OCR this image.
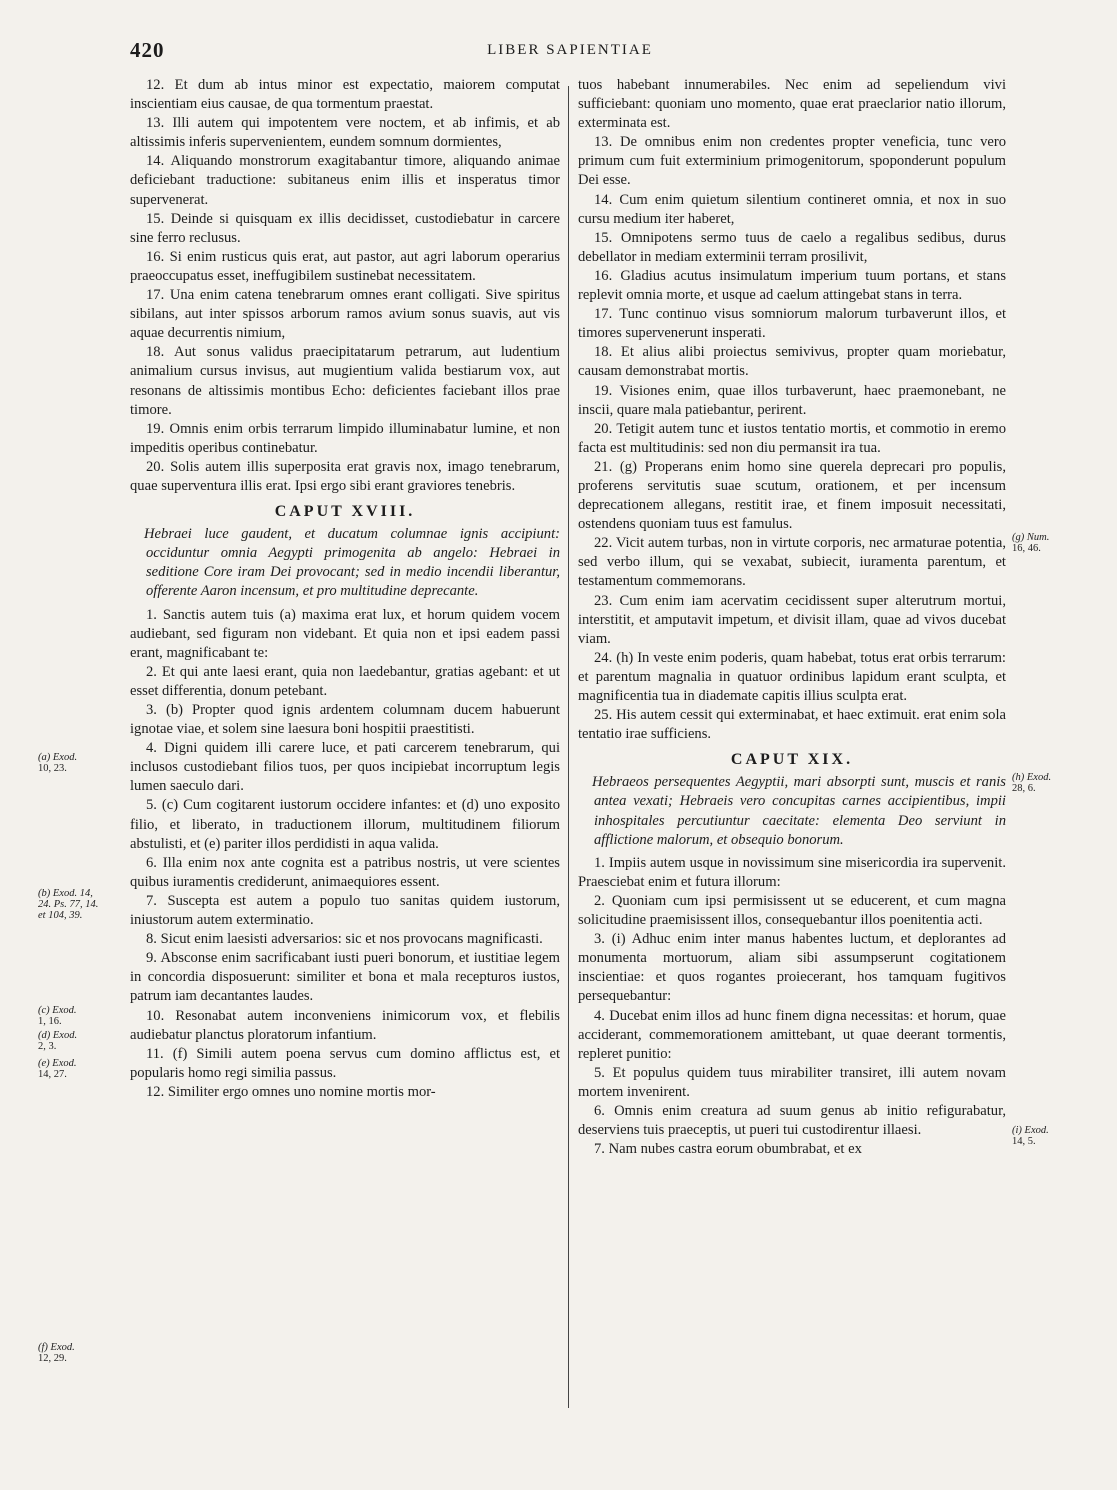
420	LIBER SAPIENTIAE

12. Et dum ab intus minor est expectatio, maiorem computat inscientiam eius causae, de qua tormentum praestat.

13. Illi autem qui impotentem vere noctem, et ab infimis, et ab altissimis inferis supervenientem, eundem somnum dormientes,

14. Aliquando monstrorum exagitabantur timore, aliquando animae deficiebant traductione: subitaneus enim illis et insperatus timor supervenerat.

15. Deinde si quisquam ex illis decidisset, custodiebatur in carcere sine ferro reclusus.

16. Si enim rusticus quis erat, aut pastor, aut agri laborum operarius praeoccupatus esset, ineffugibilem sustinebat necessitatem.

17. Una enim catena tenebrarum omnes erant colligati. Sive spiritus sibilans, aut inter spissos arborum ramos avium sonus suavis, aut vis aquae decurrentis nimium,

18. Aut sonus validus praecipitatarum petrarum, aut ludentium animalium cursus invisus, aut mugientium valida bestiarum vox, aut resonans de altissimis montibus Echo: deficientes faciebant illos prae timore.

19. Omnis enim orbis terrarum limpido illuminabatur lumine, et non impeditis operibus continebatur.

20. Solis autem illis superposita erat gravis nox, imago tenebrarum, quae superventura illis erat. Ipsi ergo sibi erant graviores tenebris.

CAPUT XVIII.

Hebraei luce gaudent, et ducatum columnae ignis accipiunt: occiduntur omnia Aegypti primogenita ab angelo: Hebraei in seditione Core iram Dei provocant; sed in medio incendii liberantur, offerente Aaron incensum, et pro multitudine deprecante.

1. Sanctis autem tuis (a) maxima erat lux, et horum quidem vocem audiebant, sed figuram non videbant. Et quia non et ipsi eadem passi erant, magnificabant te:

2. Et qui ante laesi erant, quia non laedebantur, gratias agebant: et ut esset differentia, donum petebant.

3. (b) Propter quod ignis ardentem columnam ducem habuerunt ignotae viae, et solem sine laesura boni hospitii praestitisti.

4. Digni quidem illi carere luce, et pati carcerem tenebrarum, qui inclusos custodiebant filios tuos, per quos incipiebat incorruptum legis lumen saeculo dari.

5. (c) Cum cogitarent iustorum occidere infantes: et (d) uno exposito filio, et liberato, in traductionem illorum, multitudinem filiorum abstulisti, et (e) pariter illos perdidisti in aqua valida.

6. Illa enim nox ante cognita est a patribus nostris, ut vere scientes quibus iuramentis crediderunt, animaequiores essent.

7. Suscepta est autem a populo tuo sanitas quidem iustorum, iniustorum autem exterminatio.

8. Sicut enim laesisti adversarios: sic et nos provocans magnificasti.

9. Absconse enim sacrificabant iusti pueri bonorum, et iustitiae legem in concordia disposuerunt: similiter et bona et mala recepturos iustos, patrum iam decantantes laudes.

10. Resonabat autem inconveniens inimicorum vox, et flebilis audiebatur planctus ploratorum infantium.

11. (f) Simili autem poena servus cum domino afflictus est, et popularis homo regi similia passus.

12. Similiter ergo omnes uno nomine mortis mor-

tuos habebant innumerabiles. Nec enim ad sepeliendum vivi sufficiebant: quoniam uno momento, quae erat praeclarior natio illorum, exterminata est.

13. De omnibus enim non credentes propter veneficia, tunc vero primum cum fuit exterminium primogenitorum, spoponderunt populum Dei esse.

14. Cum enim quietum silentium contineret omnia, et nox in suo cursu medium iter haberet,

15. Omnipotens sermo tuus de caelo a regalibus sedibus, durus debellator in mediam exterminii terram prosilivit,

16. Gladius acutus insimulatum imperium tuum portans, et stans replevit omnia morte, et usque ad caelum attingebat stans in terra.

17. Tunc continuo visus somniorum malorum turbaverunt illos, et timores supervenerunt insperati.

18. Et alius alibi proiectus semivivus, propter quam moriebatur, causam demonstrabat mortis.

19. Visiones enim, quae illos turbaverunt, haec praemonebant, ne inscii, quare mala patiebantur, perirent.

20. Tetigit autem tunc et iustos tentatio mortis, et commotio in eremo facta est multitudinis: sed non diu permansit ira tua.

21. (g) Properans enim homo sine querela deprecari pro populis, proferens servitutis suae scutum, orationem, et per incensum deprecationem allegans, restitit irae, et finem imposuit necessitati, ostendens quoniam tuus est famulus.

22. Vicit autem turbas, non in virtute corporis, nec armaturae potentia, sed verbo illum, qui se vexabat, subiecit, iuramenta parentum, et testamentum commemorans.

23. Cum enim iam acervatim cecidissent super alterutrum mortui, interstitit, et amputavit impetum, et divisit illam, quae ad vivos ducebat viam.

24. (h) In veste enim poderis, quam habebat, totus erat orbis terrarum: et parentum magnalia in quatuor ordinibus lapidum erant sculpta, et magnificentia tua in diademate capitis illius sculpta erat.

25. His autem cessit qui exterminabat, et haec extimuit. erat enim sola tentatio irae sufficiens.

CAPUT XIX.

Hebraeos persequentes Aegyptii, mari absorpti sunt, muscis et ranis antea vexati; Hebraeis vero concupitas carnes accipientibus, impii inhospitales percutiuntur caecitate: elementa Deo serviunt in afflictione malorum, et obsequio bonorum.

1. Impiis autem usque in novissimum sine misericordia ira supervenit. Praesciebat enim et futura illorum:

2. Quoniam cum ipsi permisissent ut se educerent, et cum magna solicitudine praemisissent illos, consequebantur illos poenitentia acti.

3. (i) Adhuc enim inter manus habentes luctum, et deplorantes ad monumenta mortuorum, aliam sibi assumpserunt cogitationem inscientiae: et quos rogantes proiecerant, hos tamquam fugitivos persequebantur:

4. Ducebat enim illos ad hunc finem digna necessitas: et horum, quae acciderant, commemorationem amittebant, ut quae deerant tormentis, repleret punitio:

5. Et populus quidem tuus mirabiliter transiret, illi autem novam mortem invenirent.

6. Omnis enim creatura ad suum genus ab initio refigurabatur, deserviens tuis praeceptis, ut pueri tui custodirentur illaesi.

7. Nam nubes castra eorum obumbrabat, et ex

(a) Exod.
10, 23.
(b) Exod. 14,
24. Ps. 77, 14.
et 104, 39.
(c) Exod.
1, 16.
(d) Exod.
2, 3.
(e) Exod.
14, 27.
(f) Exod.
12, 29.
(g) Num.
16, 46.
(h) Exod.
28, 6.
(i) Exod.
14, 5.
